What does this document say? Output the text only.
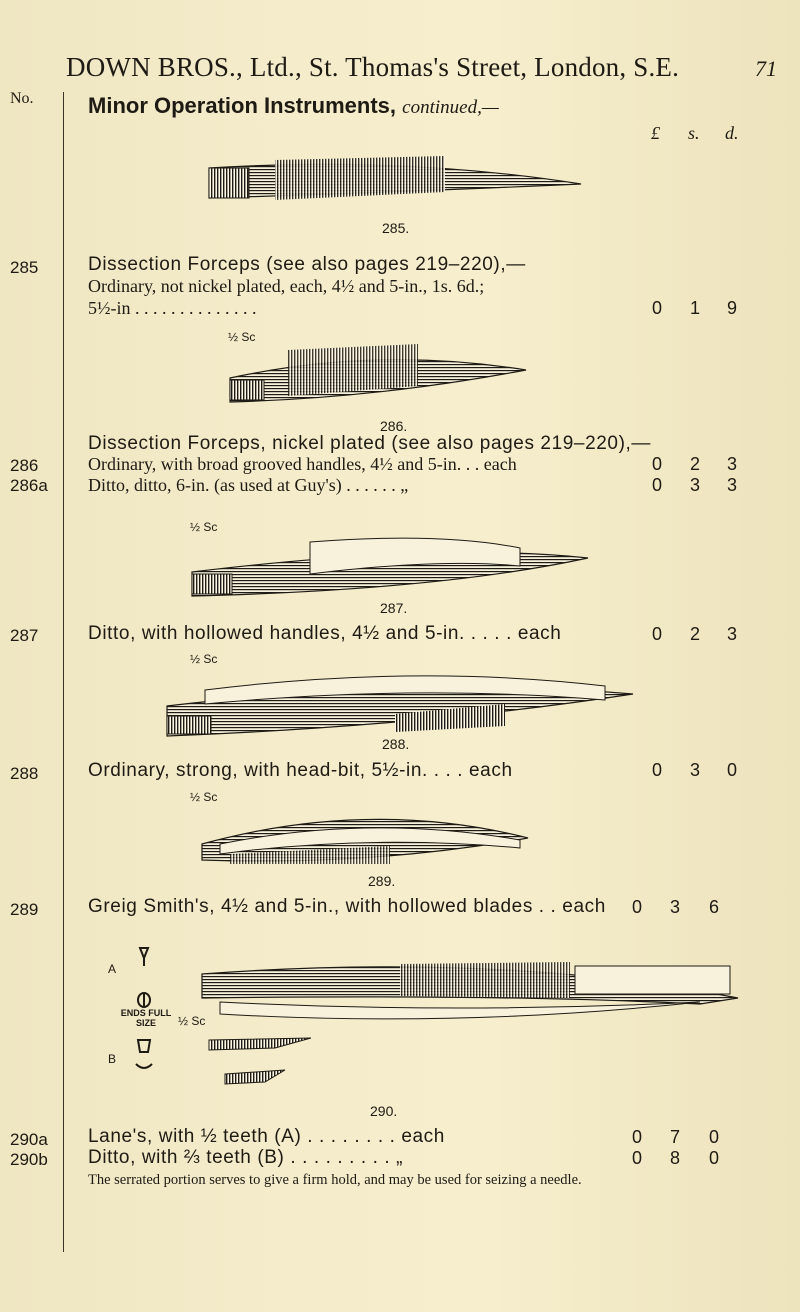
DOWN BROS., Ltd., St. Thomas's Street, London, S.E.	71
No. Minor Operation Instruments, continued,—
£ s. d.
285.
285	Dissection Forceps (see also pages 219–220),—
Ordinary, not nickel plated, each, 4½ and 5-in., 1s. 6d.;
5½-in . . . . . . . . . . . . . .	0 1 9
½ Sc
286.
286
286a
Dissection Forceps, nickel plated (see also pages 219–220),—
Ordinary, with broad grooved handles, 4½ and 5-in. . . each	0 2 3
Ditto, ditto, 6-in. (as used at Guy's) . . . . . . „	0 3 3
½ Sc
287.
287	Ditto, with hollowed handles, 4½ and 5-in. . . . . each	0 2 3
½ Sc
288.
288	Ordinary, strong, with head-bit, 5½-in. . . . each	0 3 0
½ Sc
289.
289	Greig Smith's, 4½ and 5-in., with hollowed blades . . each 0 3 6
A
B
ENDS FULL SIZE	½ Sc
290.
290a
290b
Lane's, with ½ teeth (A) . . . . . . . . each	0 7 0
Ditto, with ⅔ teeth (B) . . . . . . . . . „	0 8 0
The serrated portion serves to give a firm hold, and may be used for seizing a needle.
